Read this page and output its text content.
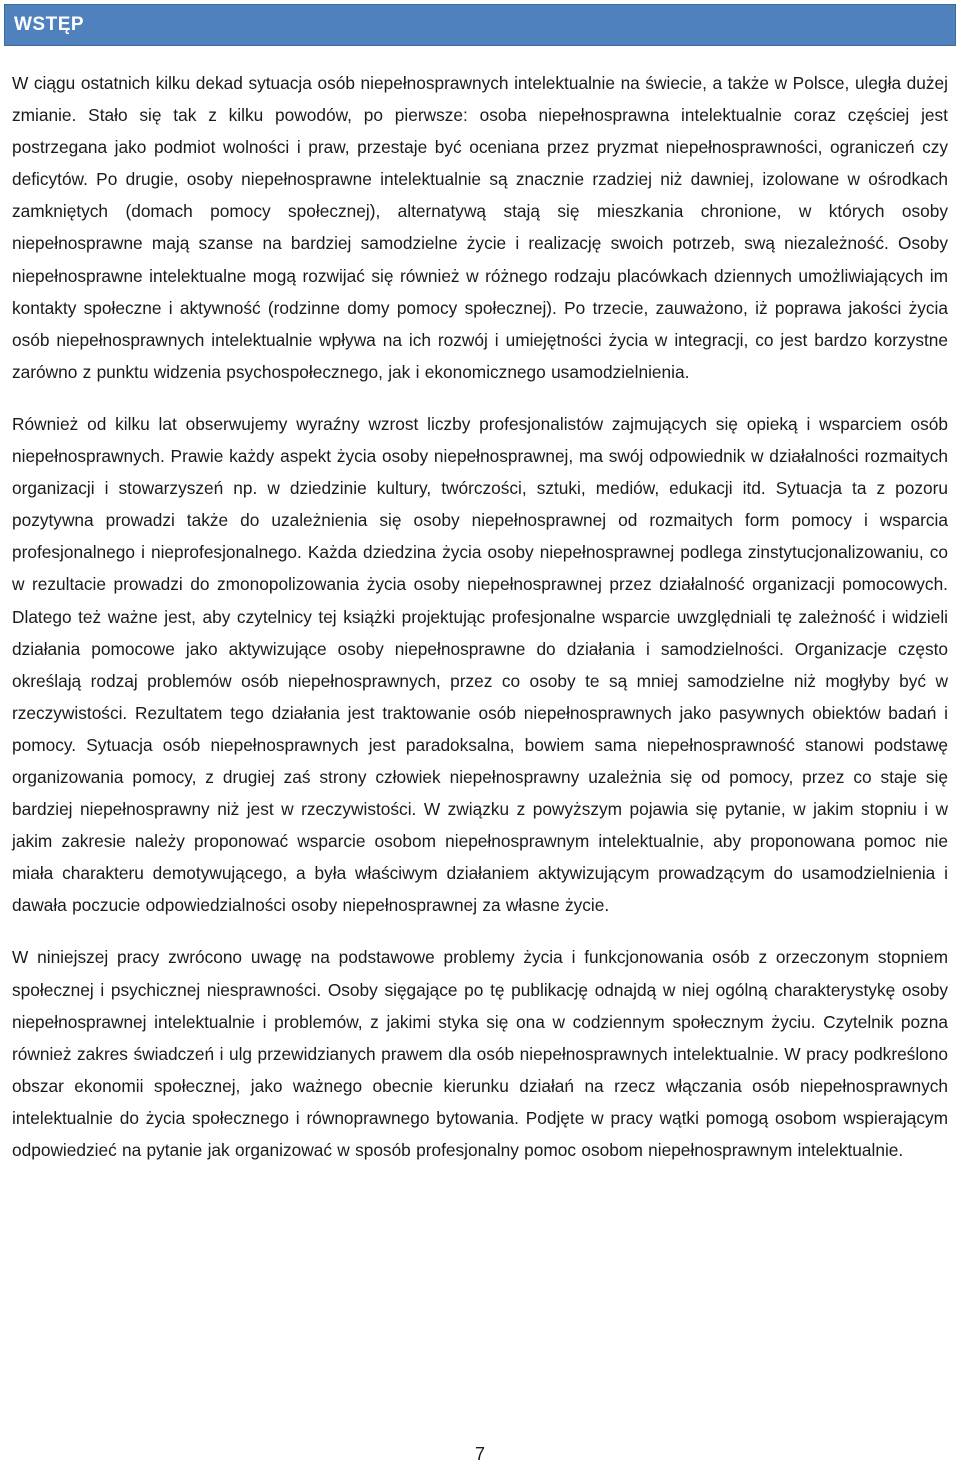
WSTĘP

W ciągu ostatnich kilku dekad sytuacja osób niepełnosprawnych intelektualnie na świecie, a także w Polsce, uległa dużej zmianie. Stało się tak z kilku powodów, po pierwsze: osoba niepełnosprawna intelektualnie coraz częściej jest postrzegana jako podmiot wolności i praw, przestaje być oceniana przez pryzmat niepełnosprawności, ograniczeń czy deficytów. Po drugie, osoby niepełnosprawne intelektualnie są znacznie rzadziej niż dawniej, izolowane w ośrodkach zamkniętych (domach pomocy społecznej), alternatywą stają się mieszkania chronione, w których osoby niepełnosprawne mają szanse na bardziej samodzielne życie i realizację swoich potrzeb, swą niezależność. Osoby niepełnosprawne intelektualne mogą rozwijać się również w różnego rodzaju placówkach dziennych umożliwiających im kontakty społeczne i aktywność (rodzinne domy pomocy społecznej). Po trzecie, zauważono, iż poprawa jakości życia osób niepełnosprawnych intelektualnie wpływa na ich rozwój i umiejętności życia w integracji, co jest bardzo korzystne zarówno z punktu widzenia psychospołecznego, jak i ekonomicznego usamodzielnienia.

Również od kilku lat obserwujemy wyraźny wzrost liczby profesjonalistów zajmujących się opieką i wsparciem osób niepełnosprawnych. Prawie każdy aspekt życia osoby niepełnosprawnej, ma swój odpowiednik w działalności rozmaitych organizacji i stowarzyszeń np. w dziedzinie kultury, twórczości, sztuki, mediów, edukacji itd. Sytuacja ta z pozoru pozytywna prowadzi także do uzależnienia się osoby niepełnosprawnej od rozmaitych form pomocy i wsparcia profesjonalnego i nieprofesjonalnego. Każda dziedzina życia osoby niepełnosprawnej podlega zinstytucjonalizowaniu, co w rezultacie prowadzi do zmonopolizowania życia osoby niepełnosprawnej przez działalność organizacji pomocowych. Dlatego też ważne jest, aby czytelnicy tej książki projektując profesjonalne wsparcie uwzględniali tę zależność i widzieli działania pomocowe jako aktywizujące osoby niepełnosprawne do działania i samodzielności. Organizacje często określają rodzaj problemów osób niepełnosprawnych, przez co osoby te są mniej samodzielne niż mogłyby być w rzeczywistości. Rezultatem tego działania jest traktowanie osób niepełnosprawnych jako pasywnych obiektów badań i pomocy. Sytuacja osób niepełnosprawnych jest paradoksalna, bowiem sama niepełnosprawność stanowi podstawę organizowania pomocy, z drugiej zaś strony człowiek niepełnosprawny uzależnia się od pomocy, przez co staje się bardziej niepełnosprawny niż jest w rzeczywistości. W związku z powyższym pojawia się pytanie, w jakim stopniu i w jakim zakresie należy proponować wsparcie osobom niepełnosprawnym intelektualnie, aby proponowana pomoc nie miała charakteru demotywującego, a była właściwym działaniem aktywizującym prowadzącym do usamodzielnienia i dawała poczucie odpowiedzialności osoby niepełnosprawnej za własne życie.

W niniejszej pracy zwrócono uwagę na podstawowe problemy życia i funkcjonowania osób z orzeczonym stopniem społecznej i psychicznej niesprawności. Osoby sięgające po tę publikację odnajdą w niej ogólną charakterystykę osoby niepełnosprawnej intelektualnie i problemów, z jakimi styka się ona w codziennym społecznym życiu. Czytelnik pozna również zakres świadczeń i ulg przewidzianych prawem dla osób niepełnosprawnych intelektualnie. W pracy podkreślono obszar ekonomii społecznej, jako ważnego obecnie kierunku działań na rzecz włączania osób niepełnosprawnych intelektualnie do życia społecznego i równoprawnego bytowania. Podjęte w pracy wątki pomogą osobom wspierającym odpowiedzieć na pytanie jak organizować w sposób profesjonalny pomoc osobom niepełnosprawnym intelektualnie.

7
